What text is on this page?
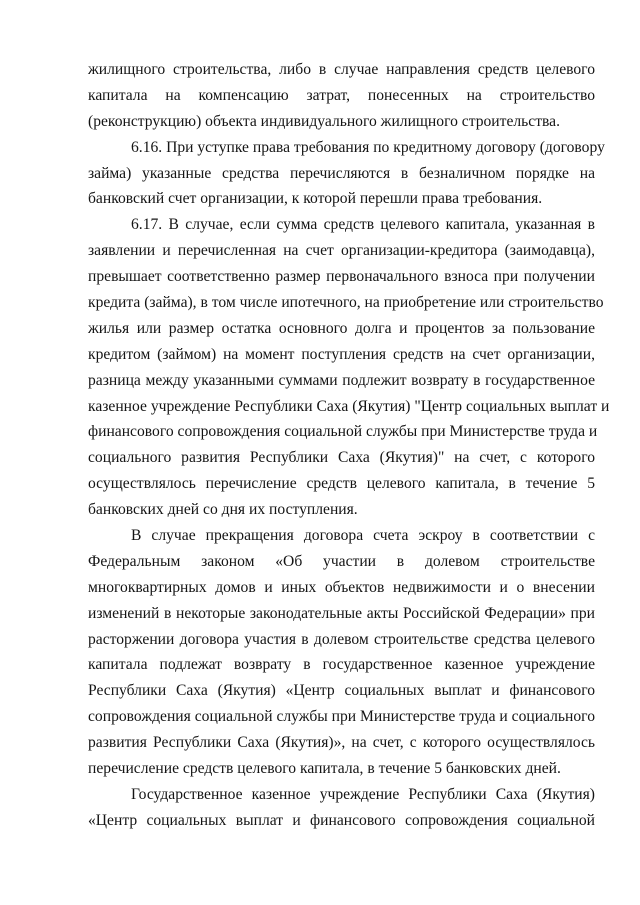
жилищного строительства, либо в случае направления средств целевого
капитала на компенсацию затрат, понесенных на строительство
(реконструкцию) объекта индивидуального жилищного строительства.
6.16. При уступке права требования по кредитному договору (договору
займа) указанные средства перечисляются в безналичном порядке на
банковский счет организации, к которой перешли права требования.
6.17. В случае, если сумма средств целевого капитала, указанная в
заявлении и перечисленная на счет организации-кредитора (заимодавца),
превышает соответственно размер первоначального взноса при получении
кредита (займа), в том числе ипотечного, на приобретение или строительство
жилья или размер остатка основного долга и процентов за пользование
кредитом (займом) на момент поступления средств на счет организации,
разница между указанными суммами подлежит возврату в государственное
казенное учреждение Республики Саха (Якутия) "Центр социальных выплат и
финансового сопровождения социальной службы при Министерстве труда и
социального развития Республики Саха (Якутия)" на счет, с которого
осуществлялось перечисление средств целевого капитала, в течение 5
банковских дней со дня их поступления.
В случае прекращения договора счета эскроу в соответствии с
Федеральным законом «Об участии в долевом строительстве
многоквартирных домов и иных объектов недвижимости и о внесении
изменений в некоторые законодательные акты Российской Федерации» при
расторжении договора участия в долевом строительстве средства целевого
капитала подлежат возврату в государственное казенное учреждение
Республики Саха (Якутия) «Центр социальных выплат и финансового
сопровождения социальной службы при Министерстве труда и социального
развития Республики Саха (Якутия)», на счет, с которого осуществлялось
перечисление средств целевого капитала, в течение 5 банковских дней.
Государственное казенное учреждение Республики Саха (Якутия)
«Центр социальных выплат и финансового сопровождения социальной
